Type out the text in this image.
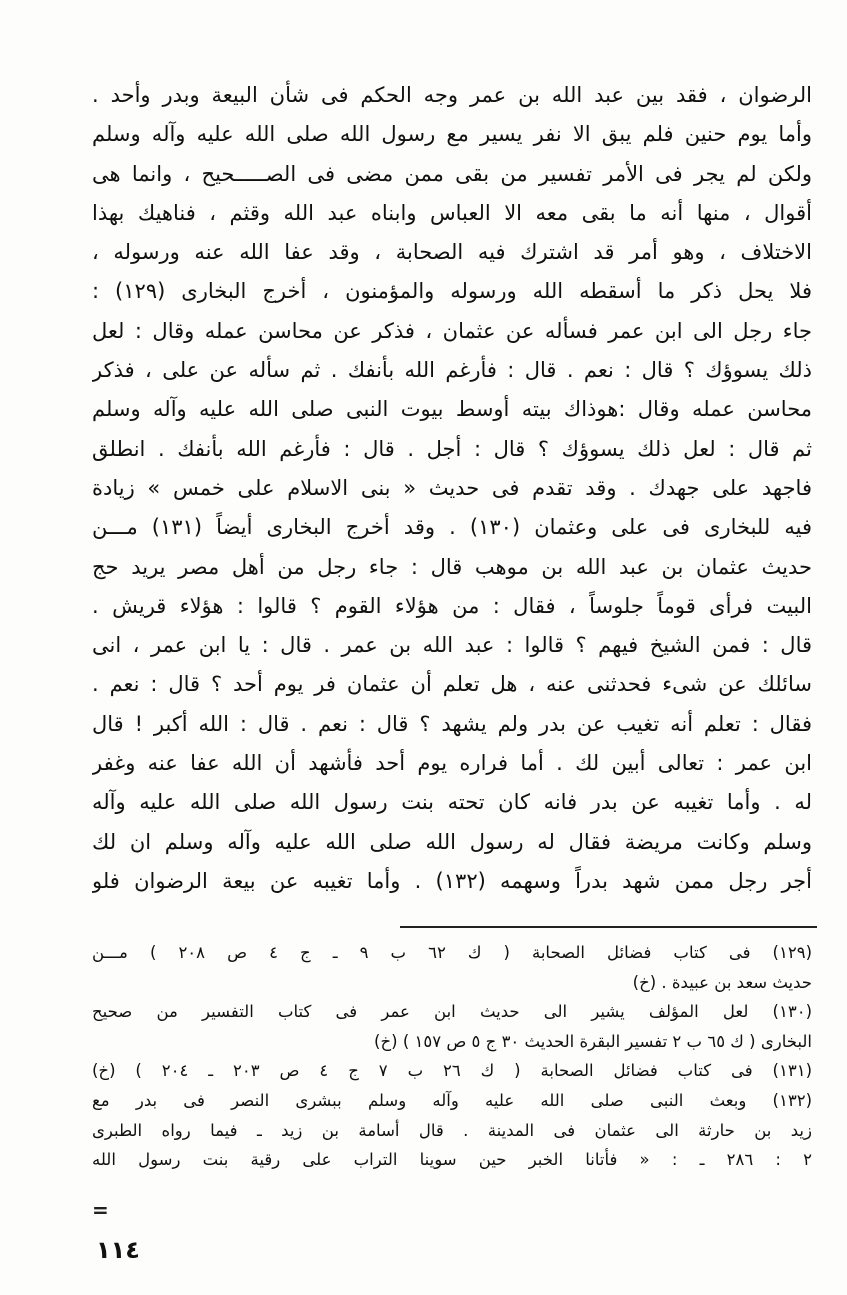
الرضوان ، فقد بين عبد الله بن عمر وجه الحكم فى شأن البيعة وبدر وأحد .
وأما يوم حنين فلم يبق الا نفر يسير مع رسول الله صلى الله عليه وآله وسلم
ولكن لم يجر فى الأمر تفسير من بقى ممن مضى فى الصـــــحيح ، وانما هى
أقوال ، منها أنه ما بقى معه الا العباس وابناه عبد الله وقثم ، فناهيك بهذا
الاختلاف ، وهو أمر قد اشترك فيه الصحابة ، وقد عفا الله عنه ورسوله ،
فلا يحل ذكر ما أسقطه الله ورسوله والمؤمنون ، أخرج البخارى (١٢٩) :
جاء رجل الى ابن عمر فسأله عن عثمان ، فذكر عن محاسن عمله وقال : لعل
ذلك يسوؤك ؟ قال : نعم . قال : فأرغم الله بأنفك . ثم سأله عن على ، فذكر
محاسن عمله وقال :هوذاك بيته أوسط بيوت النبى صلى الله عليه وآله وسلم
ثم قال : لعل ذلك يسوؤك ؟ قال : أجل . قال : فأرغم الله بأنفك . انطلق
فاجهد على جهدك . وقد تقدم فى حديث « بنى الاسلام على خمس » زيادة
فيه للبخارى فى على وعثمان (١٣٠) . وقد أخرج البخارى أيضاً (١٣١) مـــن
حديث عثمان بن عبد الله بن موهب قال : جاء رجل من أهل مصر يريد حج
البيت فرأى قوماً جلوساً ، فقال : من هؤلاء القوم ؟ قالوا : هؤلاء قريش .
قال : فمن الشيخ فيهم ؟ قالوا : عبد الله بن عمر . قال : يا ابن عمر ، انى
سائلك عن شىء فحدثنى عنه ، هل تعلم أن عثمان فر يوم أحد ؟ قال : نعم .
فقال : تعلم أنه تغيب عن بدر ولم يشهد ؟ قال : نعم . قال : الله أكبر ! قال
ابن عمر : تعالى أبين لك . أما فراره يوم أحد فأشهد أن الله عفا عنه وغفر
له . وأما تغيبه عن بدر فانه كان تحته بنت رسول الله صلى الله عليه وآله
وسلم وكانت مريضة فقال له رسول الله صلى الله عليه وآله وسلم ان لك
أجر رجل ممن شهد بدراً وسهمه (١٣٢) . وأما تغيبه عن بيعة الرضوان فلو
(١٢٩) فى كتاب فضائل الصحابة ( ك ٦٢ ب ٩ ـ ج ٤ ص ٢٠٨ ) مـــن
حديث سعد بن عبيدة . (خ)
(١٣٠) لعل المؤلف يشير الى حديث ابن عمر فى كتاب التفسير من صحيح
البخارى ( ك ٦٥ ب ٢ تفسير البقرة الحديث ٣٠ ج ٥ ص ١٥٧ ) (خ)
(١٣١) فى كتاب فضائل الصحابة ( ك ٢٦ ب ٧ ج ٤ ص ٢٠٣ ـ ٢٠٤ ) (خ)
(١٣٢) وبعث النبى صلى الله عليه وآله وسلم ببشرى النصر فى بدر مع
زيد بن حارثة الى عثمان فى المدينة . قال أسامة بن زيد ـ فيما رواه الطبرى
٢ : ٢٨٦ ـ : « فأتانا الخبر حين سوينا التراب على رقية بنت رسول الله
=
١١٤
